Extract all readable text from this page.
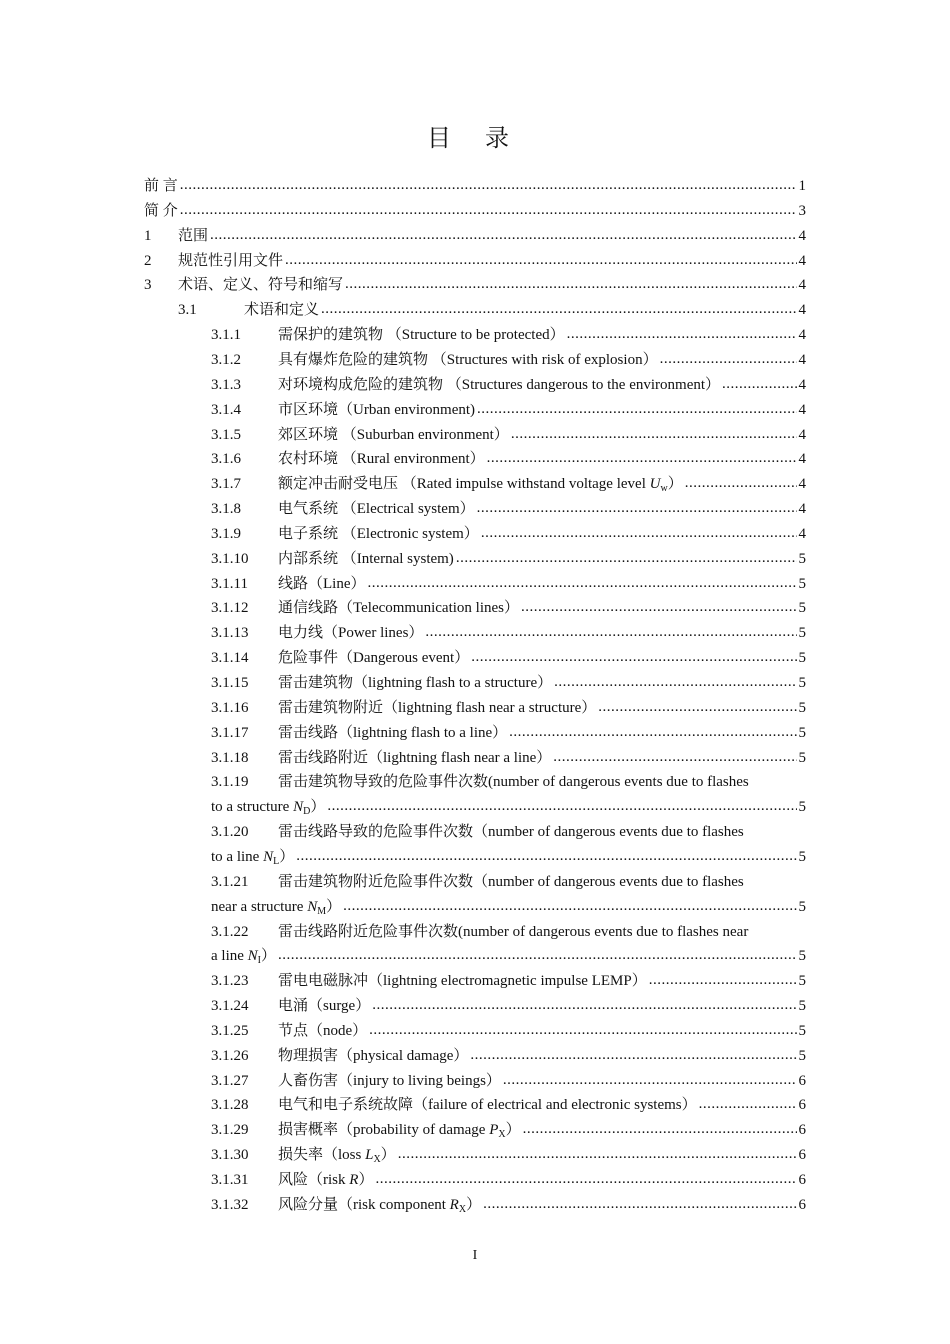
目 录
前 言 .....	1
简 介 .....	3
1	范围 .....	4
2	规范性引用文件 .....	4
3	术语、定义、符号和缩写 .....	4
3.1	术语和定义 .....	4
3.1.1	需保护的建筑物 （Structure to be protected） .....	4
3.1.2	具有爆炸危险的建筑物 （Structures with risk of explosion） .....	4
3.1.3	对环境构成危险的建筑物 （Structures dangerous to the environment） .....	4
3.1.4	市区环境（Urban environment) .....	4
3.1.5	郊区环境 （Suburban environment） .....	4
3.1.6	农村环境 （Rural environment） .....	4
3.1.7	额定冲击耐受电压 （Rated impulse withstand voltage level $U_w$） .....	4
3.1.8	电气系统 （Electrical system） .....	4
3.1.9	电子系统 （Electronic system） .....	4
3.1.10	内部系统 （Internal system) .....	5
3.1.11	线路（Line） .....	5
3.1.12	通信线路（Telecommunication lines） .....	5
3.1.13	电力线（Power lines） .....	5
3.1.14	危险事件（Dangerous event） .....	5
3.1.15	雷击建筑物（lightning flash to a structure） .....	5
3.1.16	雷击建筑物附近（lightning flash near a structure） .....	5
3.1.17	雷击线路（lightning flash to a line） .....	5
3.1.18	雷击线路附近（lightning flash near a line） .....	5
3.1.19 雷击建筑物导致的危险事件次数(number of dangerous events due to flashes
to a structure $N_D$） .....	5
3.1.20 雷击线路导致的危险事件次数（number of dangerous events due to flashes
to a line $N_L$） .....	5
3.1.21 雷击建筑物附近危险事件次数（number of dangerous events due to flashes
near a structure $N_M$） .....	5
3.1.22 雷击线路附近危险事件次数(number of dangerous events due to flashes near
a line $N_I$） .....	5
3.1.23	雷电电磁脉冲（lightning electromagnetic impulse LEMP） .....	5
3.1.24	电涌（surge） .....	5
3.1.25	节点（node） .....	5
3.1.26	物理损害（physical damage） .....	5
3.1.27	人畜伤害（injury to living beings） .....	6
3.1.28	电气和电子系统故障（failure of electrical and electronic systems） .....	6
3.1.29	损害概率（probability of damage $P_X$） .....	6
3.1.30	损失率（loss $L_X$） .....	6
3.1.31	风险（risk R） .....	6
3.1.32	风险分量（risk component $R_X$） .....	6
I
